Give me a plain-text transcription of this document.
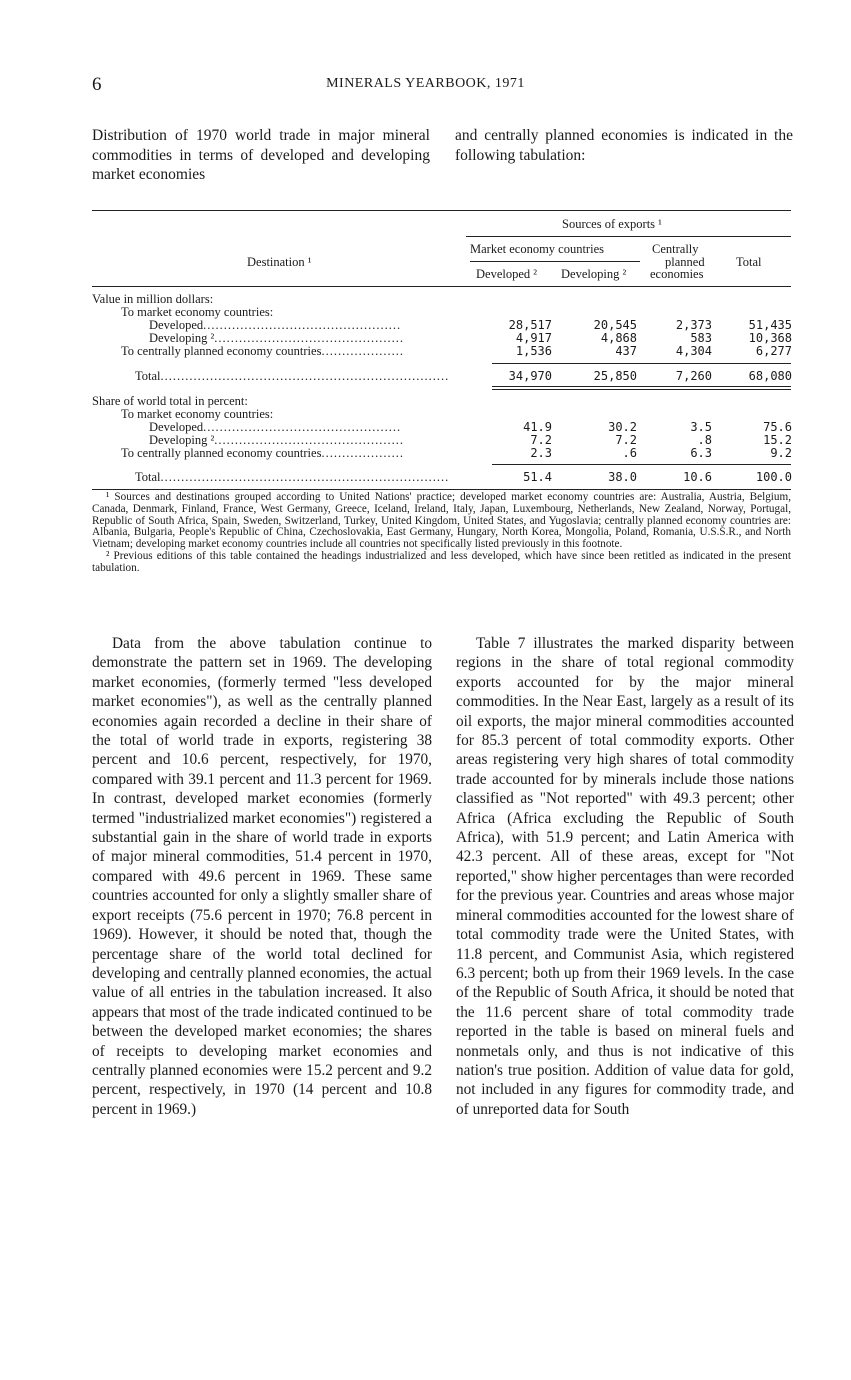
6	MINERALS YEARBOOK, 1971
Distribution of 1970 world trade in major mineral commodities in terms of developed and developing market economies
and centrally planned economies is indicated in the following tabulation:
Sources of exports ¹
Destination ¹
Market economy countries
Developed ² Developing ²
Centrally
planned
economies
Total
Value in million dollars:
To market economy countries:
Developed................................................	28,517	20,545	2,373	51,435
Developing ²..............................................	4,917	4,868	583	10,368
To centrally planned economy countries....................	1,536	437	4,304	6,277
Total......................................................................	34,970	25,850	7,260	68,080
Share of world total in percent:
To market economy countries:
Developed................................................	41.9	30.2	3.5	75.6
Developing ²..............................................	7.2	7.2	.8	15.2
To centrally planned economy countries....................	2.3	.6	6.3	9.2
Total......................................................................	51.4	38.0	10.6	100.0

¹ Sources and destinations grouped according to United Nations' practice; developed market economy countries are: Australia, Austria, Belgium, Canada, Denmark, Finland, France, West Germany, Greece, Iceland, Ireland, Italy, Japan, Luxembourg, Netherlands, New Zealand, Norway, Portugal, Republic of South Africa, Spain, Sweden, Switzerland, Turkey, United Kingdom, United States, and Yugoslavia; centrally planned economy countries are: Albania, Bulgaria, People's Republic of China, Czechoslovakia, East Germany, Hungary, North Korea, Mongolia, Poland, Romania, U.S.S.R., and North Vietnam; developing market economy countries include all countries not specifically listed previously in this footnote.

² Previous editions of this table contained the headings industrialized and less developed, which have since been retitled as indicated in the present tabulation.

Data from the above tabulation continue to demonstrate the pattern set in 1969. The developing market economies, (formerly termed "less developed market economies"), as well as the centrally planned economies again recorded a decline in their share of the total of world trade in exports, registering 38 percent and 10.6 percent, respectively, for 1970, compared with 39.1 percent and 11.3 percent for 1969. In contrast, developed market economies (formerly termed "industrialized market economies") registered a substantial gain in the share of world trade in exports of major mineral commodities, 51.4 percent in 1970, compared with 49.6 percent in 1969. These same countries accounted for only a slightly smaller share of export receipts (75.6 percent in 1970; 76.8 percent in 1969). However, it should be noted that, though the percentage share of the world total declined for developing and centrally planned economies, the actual value of all entries in the tabulation increased. It also appears that most of the trade indicated continued to be between the developed market economies; the shares of receipts to developing market economies and centrally planned economies were 15.2 percent and 9.2 percent, respectively, in 1970 (14 percent and 10.8 percent in 1969.)

Table 7 illustrates the marked disparity between regions in the share of total regional commodity exports accounted for by the major mineral commodities. In the Near East, largely as a result of its oil exports, the major mineral commodities accounted for 85.3 percent of total commodity exports. Other areas registering very high shares of total commodity trade accounted for by minerals include those nations classified as "Not reported" with 49.3 percent; other Africa (Africa excluding the Republic of South Africa), with 51.9 percent; and Latin America with 42.3 percent. All of these areas, except for "Not reported," show higher percentages than were recorded for the previous year. Countries and areas whose major mineral commodities accounted for the lowest share of total commodity trade were the United States, with 11.8 percent, and Communist Asia, which registered 6.3 percent; both up from their 1969 levels. In the case of the Republic of South Africa, it should be noted that the 11.6 percent share of total commodity trade reported in the table is based on mineral fuels and nonmetals only, and thus is not indicative of this nation's true position. Addition of value data for gold, not included in any figures for commodity trade, and of unreported data for South
